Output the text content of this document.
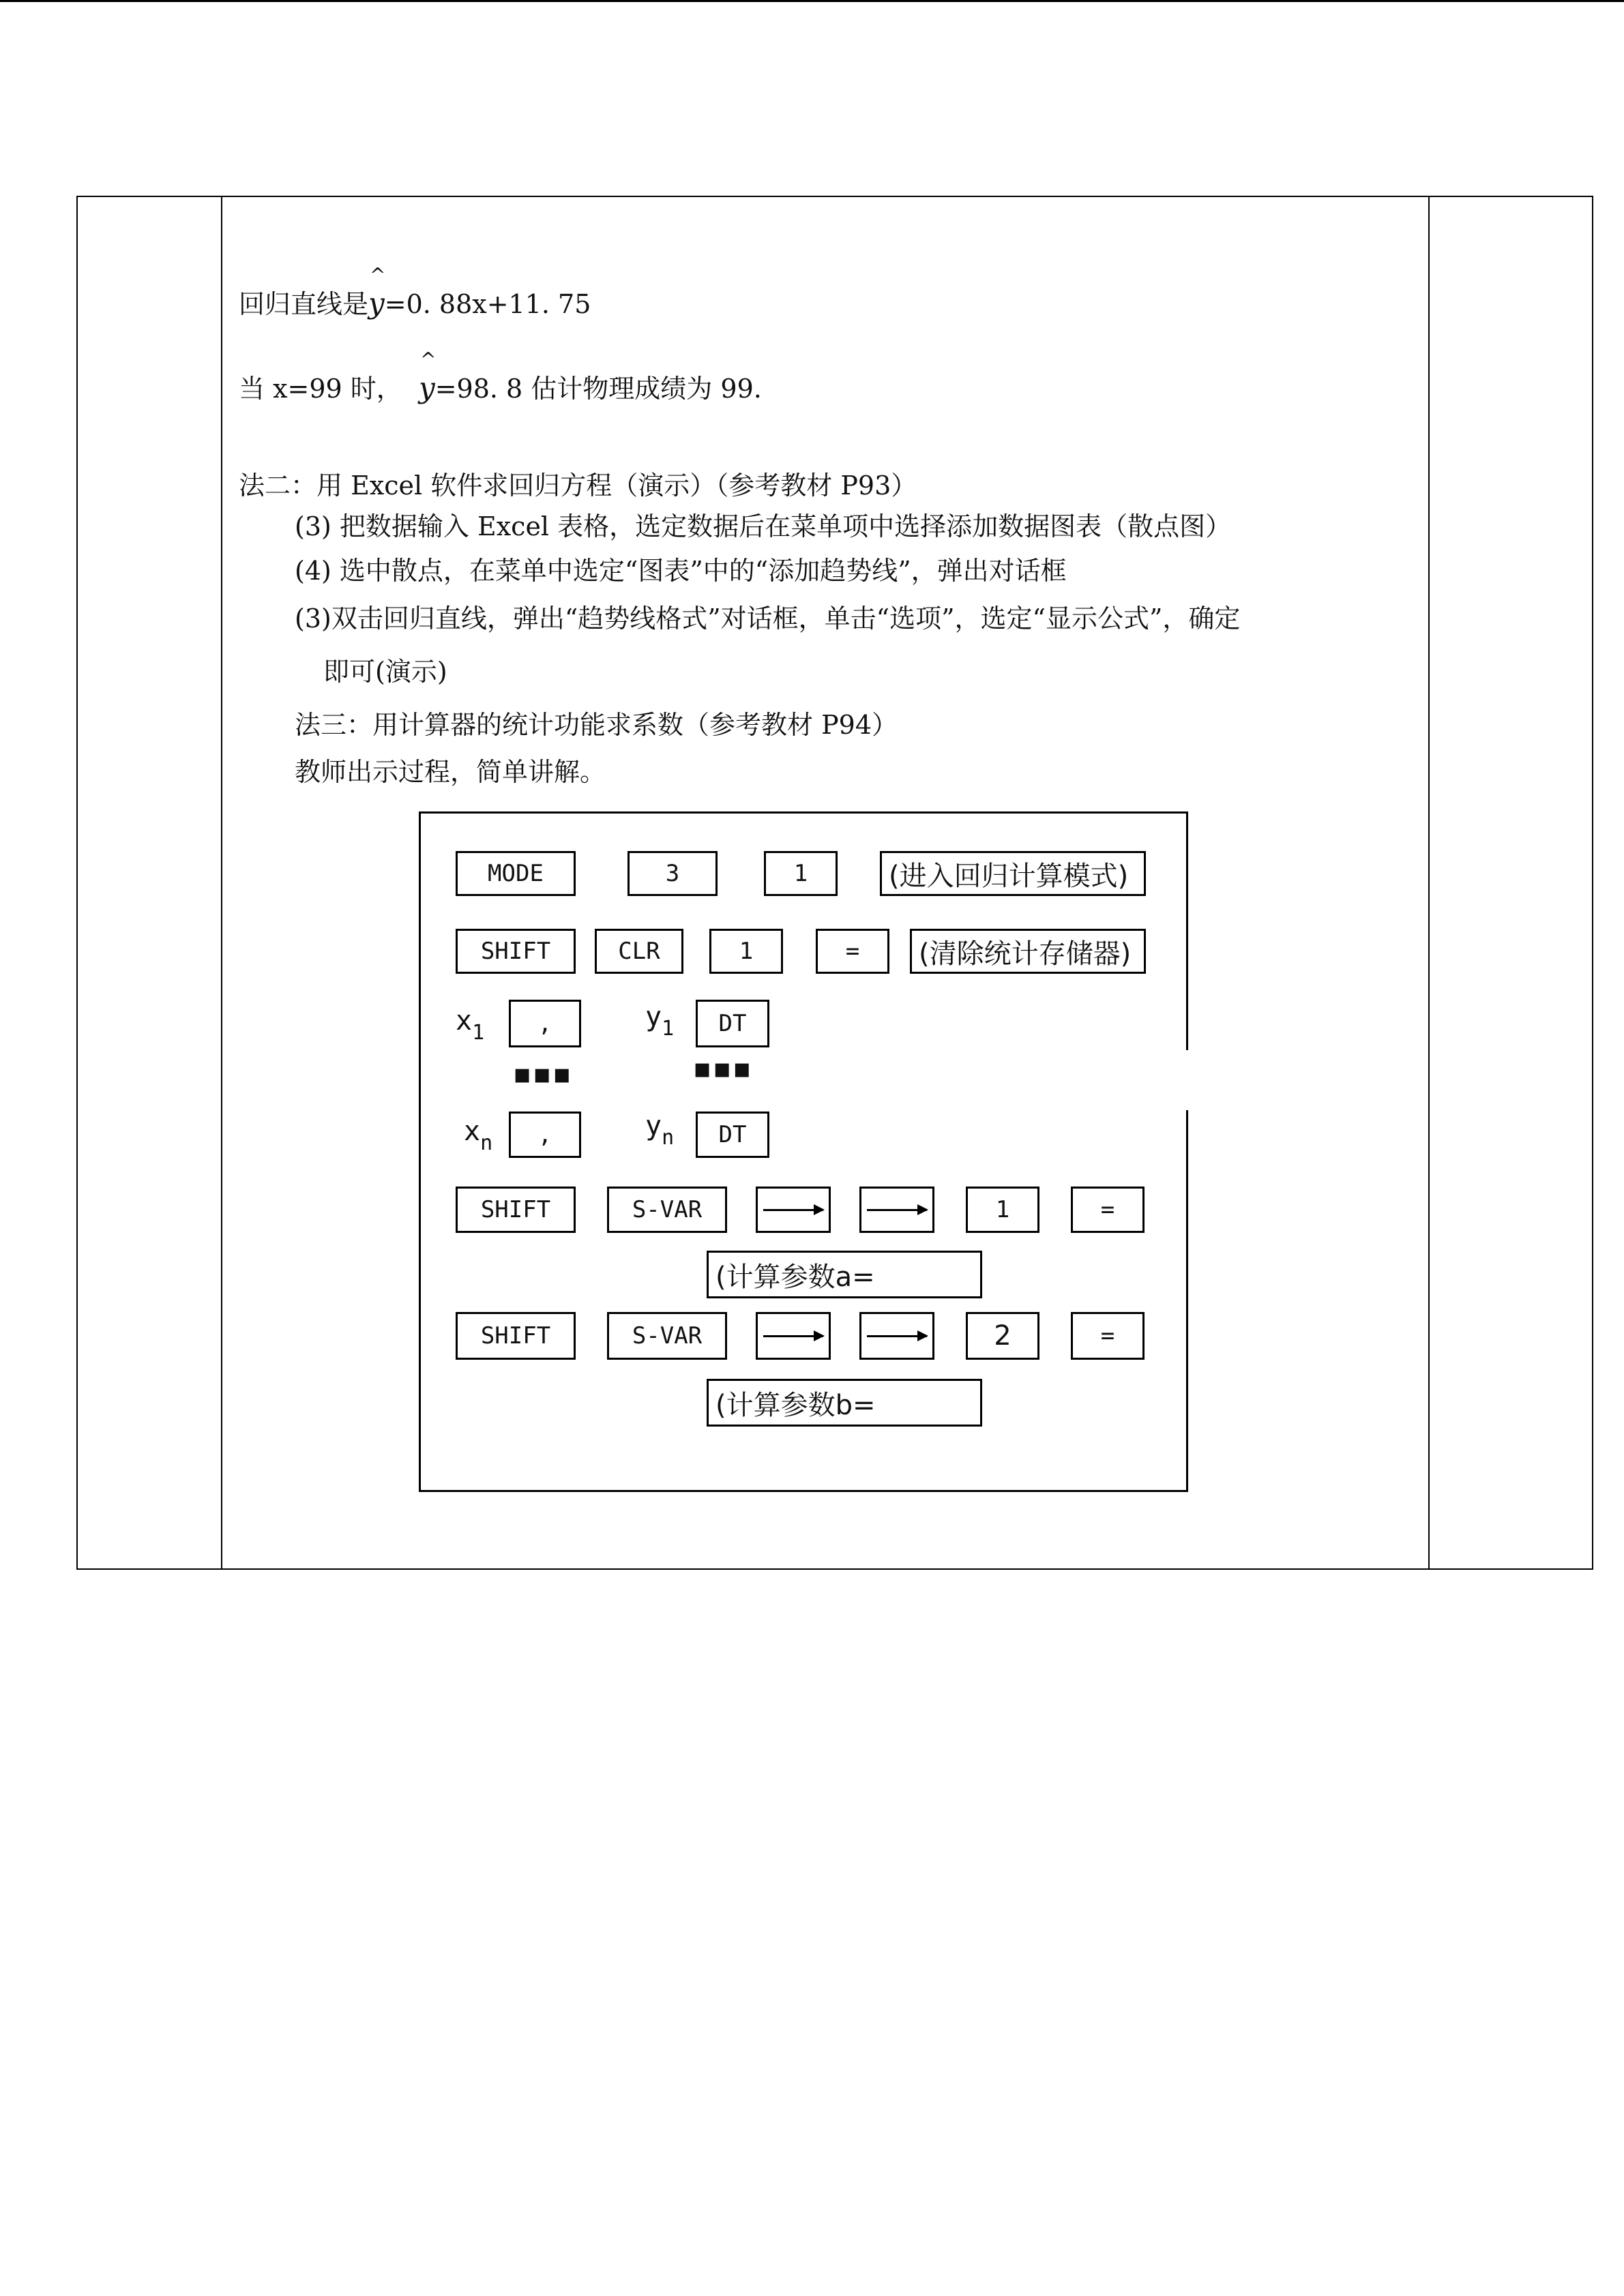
回归直线是^ y=0. 88x+11. 75
当 x=99 时，  ^ y=98. 8 估计物理成绩为 99.
法二：用 Excel 软件求回归方程（演示）（参考教材 P93）
(3) 把数据输入 Excel 表格，选定数据后在菜单项中选择添加数据图表（散点图）
(4) 选中散点，在菜单中选定“图表”中的“添加趋势线”，弹出对话框
(3)双击回归直线，弹出“趋势线格式”对话框，单击“选项”，选定“显示公式”，确定
即可(演示)
法三：用计算器的统计功能求系数（参考教材 P94）
教师出示过程，简单讲解。
MODE	3	1	(进入回归计算模式)
SHIFT	CLR	1	=	(清除统计存储器)
$x_1$	,	$y_1$	DT
▪▪▪	▪▪▪
$x_n$	,	$y_n$	DT
SHIFT	S-VAR	1	=
(计算参数a=
SHIFT	S-VAR	2	=
(计算参数b=
